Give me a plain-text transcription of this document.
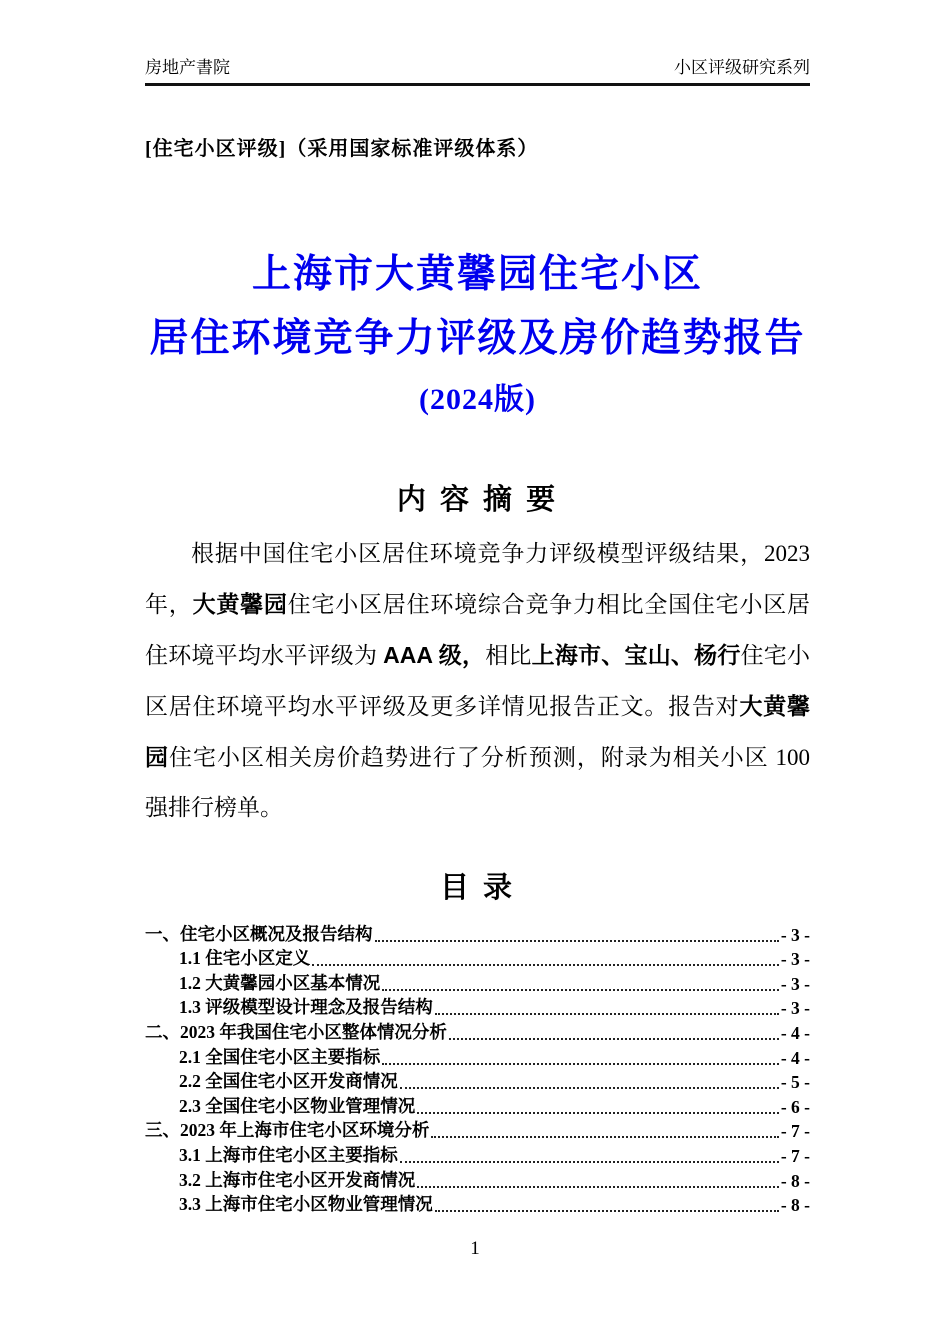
房地产書院	小区评级研究系列
[住宅小区评级]（采用国家标准评级体系）
上海市大黄馨园住宅小区
居住环境竞争力评级及房价趋势报告
(2024版)
内 容 摘 要
根据中国住宅小区居住环境竞争力评级模型评级结果，2023 年，大黄馨园住宅小区居住环境综合竞争力相比全国住宅小区居住环境平均水平评级为 AAA 级，相比上海市、宝山、杨行住宅小区居住环境平均水平评级及更多详情见报告正文。报告对大黄馨园住宅小区相关房价趋势进行了分析预测，附录为相关小区 100 强排行榜单。
目 录
一、住宅小区概况及报告结构	- 3 -
1.1 住宅小区定义	- 3 -
1.2 大黄馨园小区基本情况	- 3 -
1.3 评级模型设计理念及报告结构	- 3 -
二、2023 年我国住宅小区整体情况分析	- 4 -
2.1 全国住宅小区主要指标	- 4 -
2.2 全国住宅小区开发商情况	- 5 -
2.3 全国住宅小区物业管理情况	- 6 -
三、2023 年上海市住宅小区环境分析	- 7 -
3.1 上海市住宅小区主要指标	- 7 -
3.2 上海市住宅小区开发商情况	- 8 -
3.3 上海市住宅小区物业管理情况	- 8 -
1
